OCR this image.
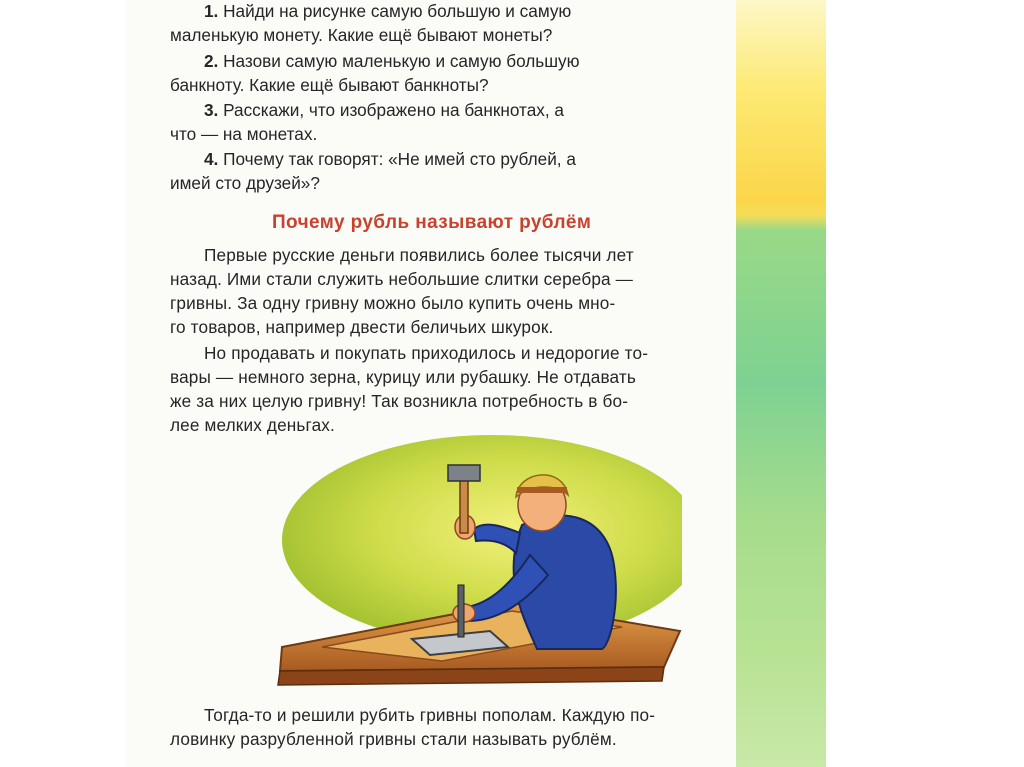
1. Найди на рисунке самую большую и самую

маленькую монету. Какие ещё бывают монеты?

2. Назови самую маленькую и самую большую

банкноту. Какие ещё бывают банкноты?

3. Расскажи, что изображено на банкнотах, а

что — на монетах.

4. Почему так говорят: «Не имей сто рублей, а

имей сто друзей»?

Почему рубль называют рублём

Первые русские деньги появились более тысячи лет

назад. Ими стали служить небольшие слитки серебра —

гривны. За одну гривну можно было купить очень мно-

го товаров, например двести беличьих шкурок.

Но продавать и покупать приходилось и недорогие то-

вары — немного зерна, курицу или рубашку. Не отдавать

же за них целую гривну! Так возникла потребность в бо-

лее мелких деньгах.

Тогда-то и решили рубить гривны пополам. Каждую по-

ловинку разрубленной гривны стали называть рублём.
